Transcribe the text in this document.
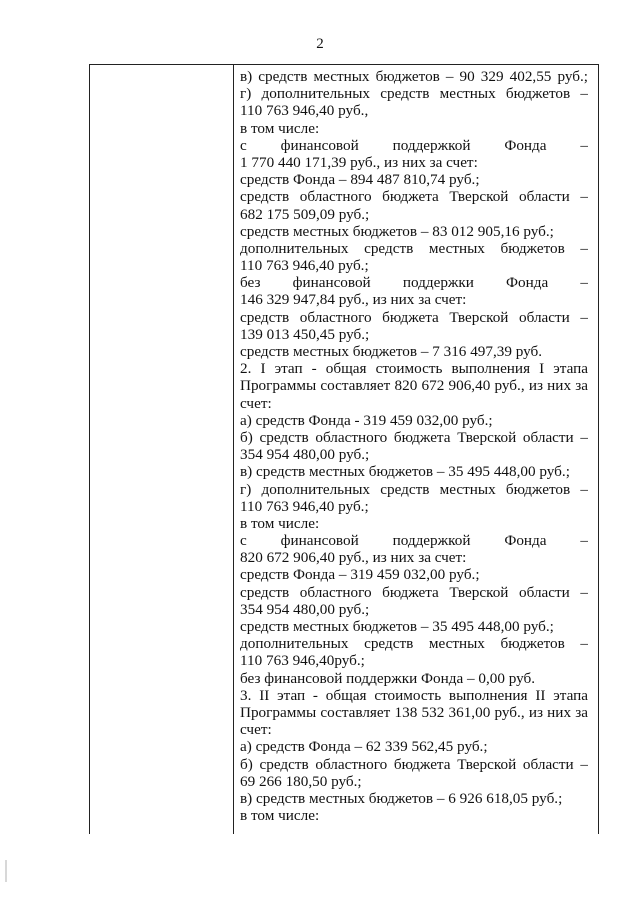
2
в) средств местных бюджетов – 90 329 402,55 руб.;
г) дополнительных средств местных бюджетов –
110 763 946,40 руб.,
в том числе:
с финансовой поддержкой Фонда –
1 770 440 171,39 руб., из них за счет:
средств Фонда – 894 487 810,74 руб.;
средств областного бюджета Тверской области –
682 175 509,09 руб.;
средств местных бюджетов – 83 012 905,16 руб.;
дополнительных средств местных бюджетов –
110 763 946,40 руб.;
без финансовой поддержки Фонда –
146 329 947,84 руб., из них за счет:
средств областного бюджета Тверской области –
139 013 450,45 руб.;
средств местных бюджетов – 7 316 497,39 руб.
2. I этап - общая стоимость выполнения I этапа
Программы составляет 820 672 906,40 руб., из них за
счет:
а) средств Фонда - 319 459 032,00 руб.;
б) средств областного бюджета Тверской области –
354 954 480,00 руб.;
в) средств местных бюджетов – 35 495 448,00 руб.;
г) дополнительных средств местных бюджетов –
110 763 946,40 руб.;
в том числе:
с финансовой поддержкой Фонда –
820 672 906,40 руб., из них за счет:
средств Фонда – 319 459 032,00 руб.;
средств областного бюджета Тверской области –
354 954 480,00 руб.;
средств местных бюджетов – 35 495 448,00 руб.;
дополнительных средств местных бюджетов –
110 763 946,40руб.;
без финансовой поддержки Фонда – 0,00 руб.
3. II этап - общая стоимость выполнения II этапа
Программы составляет 138 532 361,00 руб., из них за
счет:
а) средств Фонда – 62 339 562,45 руб.;
б) средств областного бюджета Тверской области –
69 266 180,50 руб.;
в) средств местных бюджетов – 6 926 618,05 руб.;
в том числе:
